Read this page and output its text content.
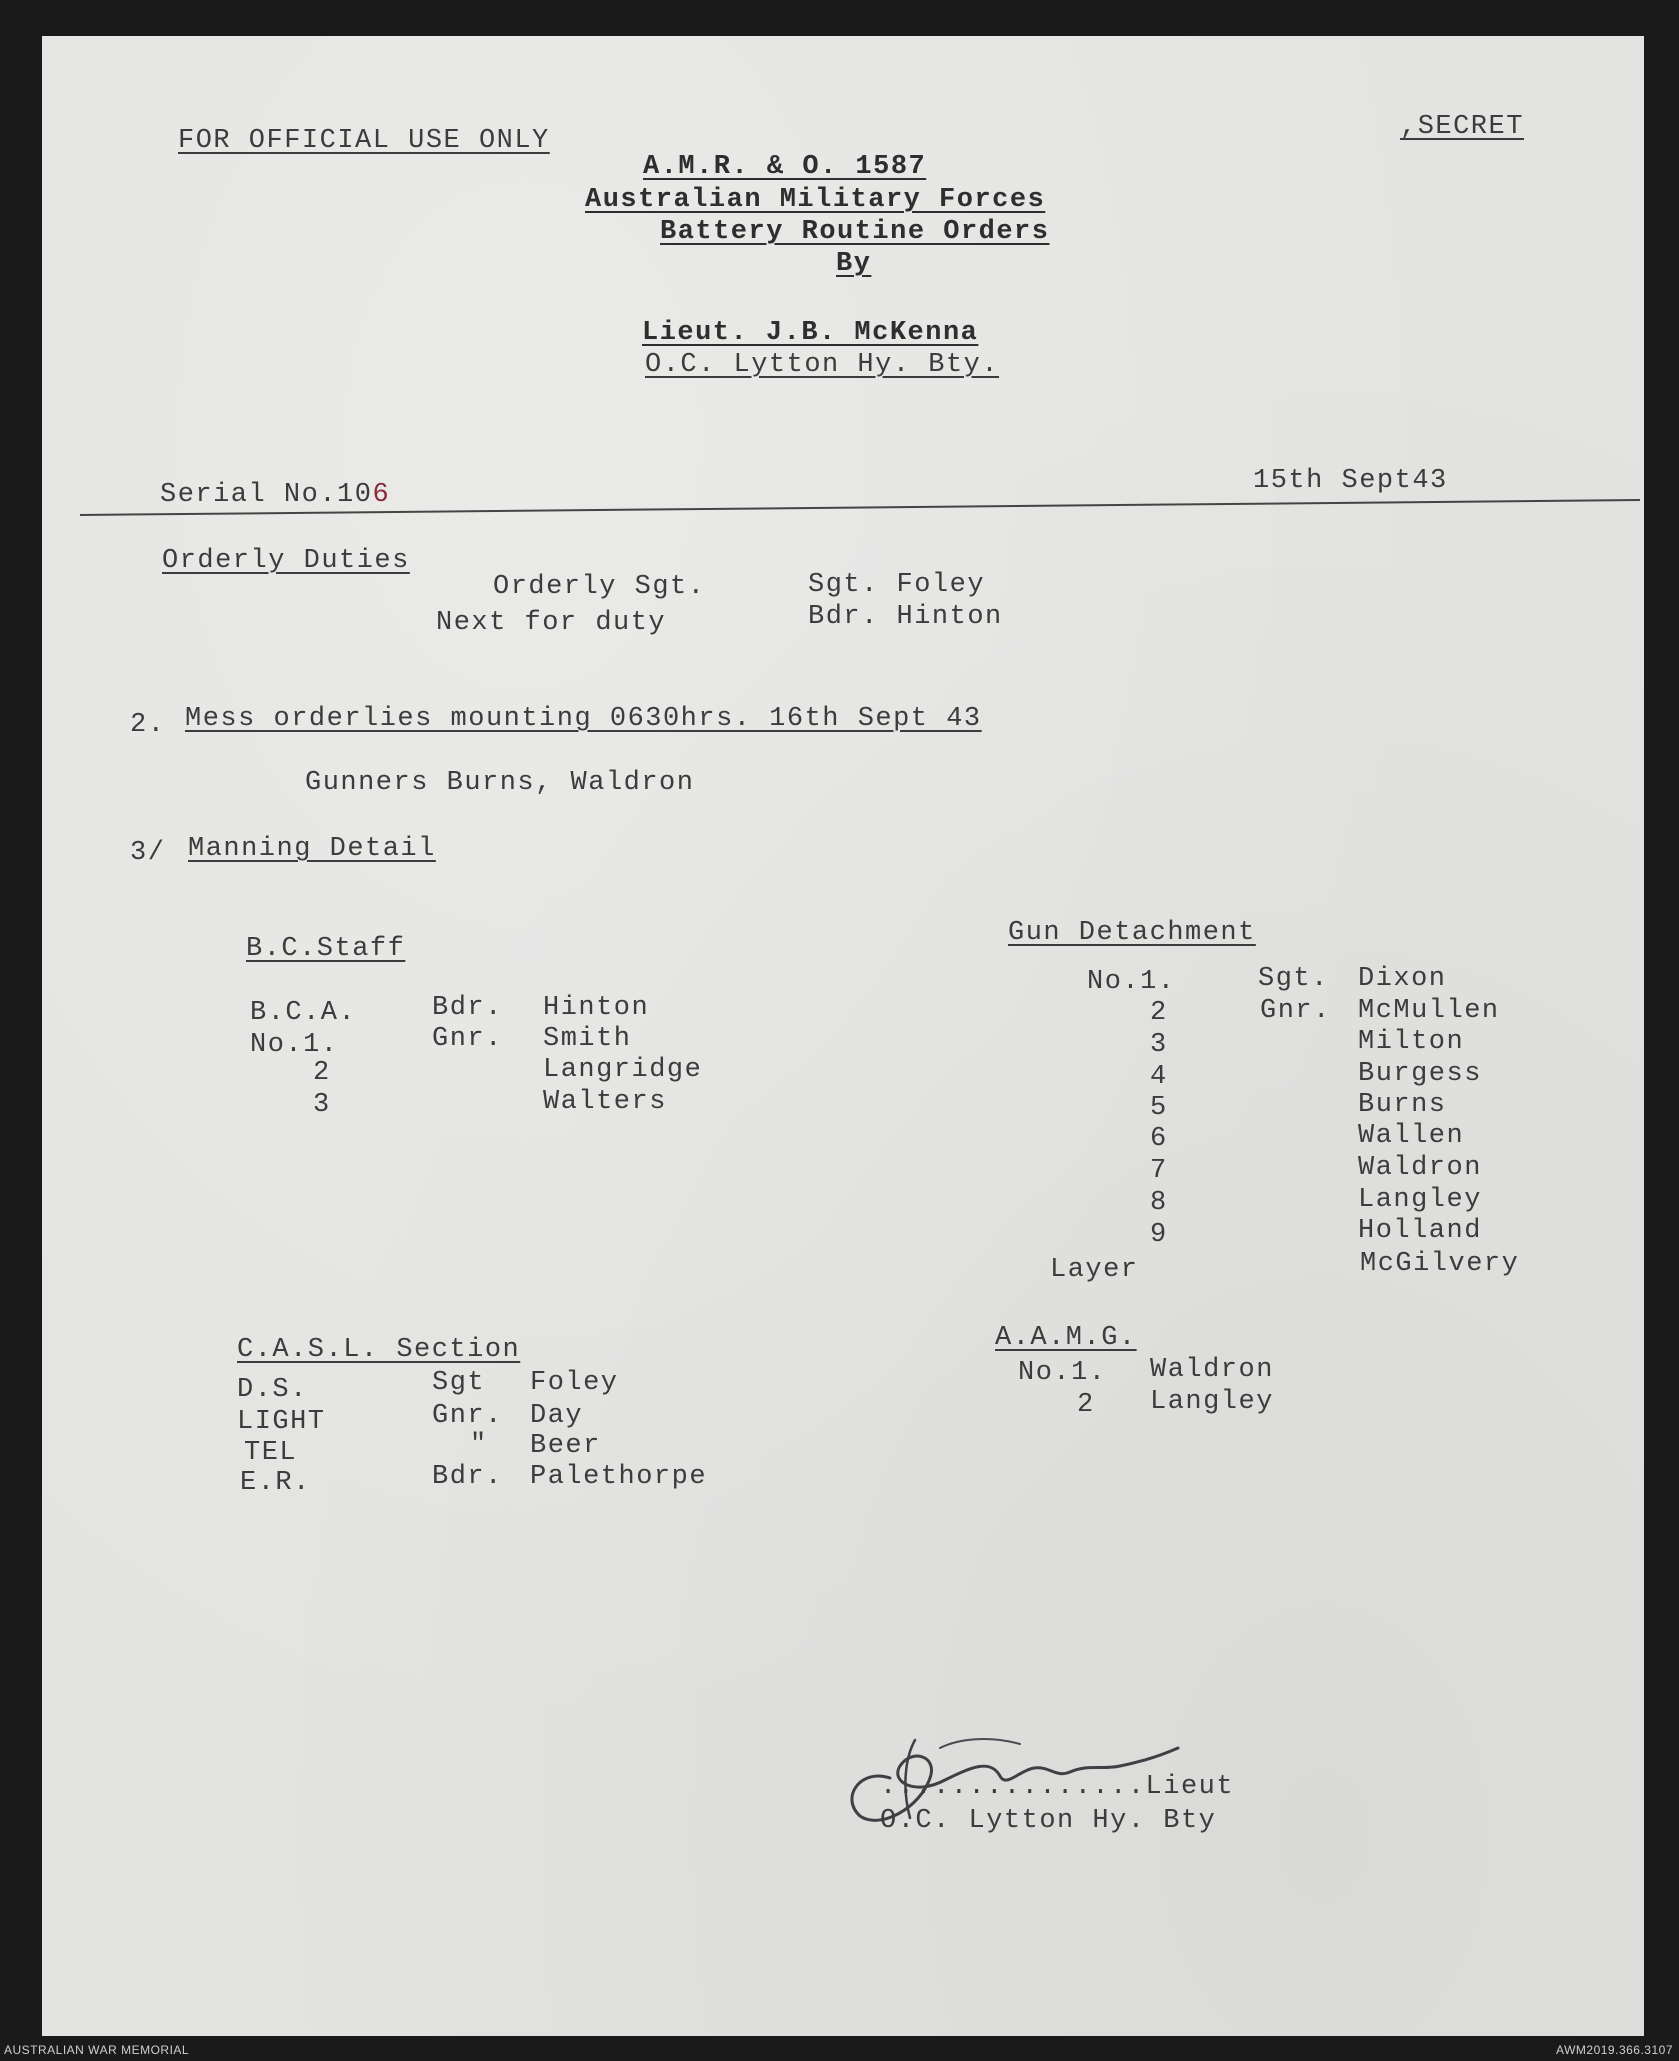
FOR OFFICIAL USE ONLY	,SECRET
A.M.R. & O. 1587
Australian Military Forces
Battery Routine Orders
By
Lieut. J.B. McKenna
O.C. Lytton Hy. Bty.
Serial No.106	15th Sept43
Orderly Duties
Orderly Sgt.	Sgt. Foley
Next for duty	Bdr. Hinton
2. Mess orderlies mounting 0630hrs. 16th Sept 43
Gunners Burns, Waldron
3/ Manning Detail
B.C.Staff
B.C.A.	Bdr. Hinton
No.1.	Gnr. Smith
2	Langridge
3	Walters
Gun Detachment
No.1.	Sgt. Dixon
2	Gnr. McMullen
3	Milton
4	Burgess
5	Burns
6	Wallen
7	Waldron
8	Langley
9	Holland
Layer	McGilvery
C.A.S.L. Section
D.S.	Sgt Foley
LIGHT	Gnr. Day
TEL	" Beer
E.R.	Bdr. Palethorpe
A.A.M.G.
No.1. Waldron
2 Langley
...............Lieut
O.C. Lytton Hy. Bty
AUSTRALIAN WAR MEMORIAL	AWM2019.366.3107
